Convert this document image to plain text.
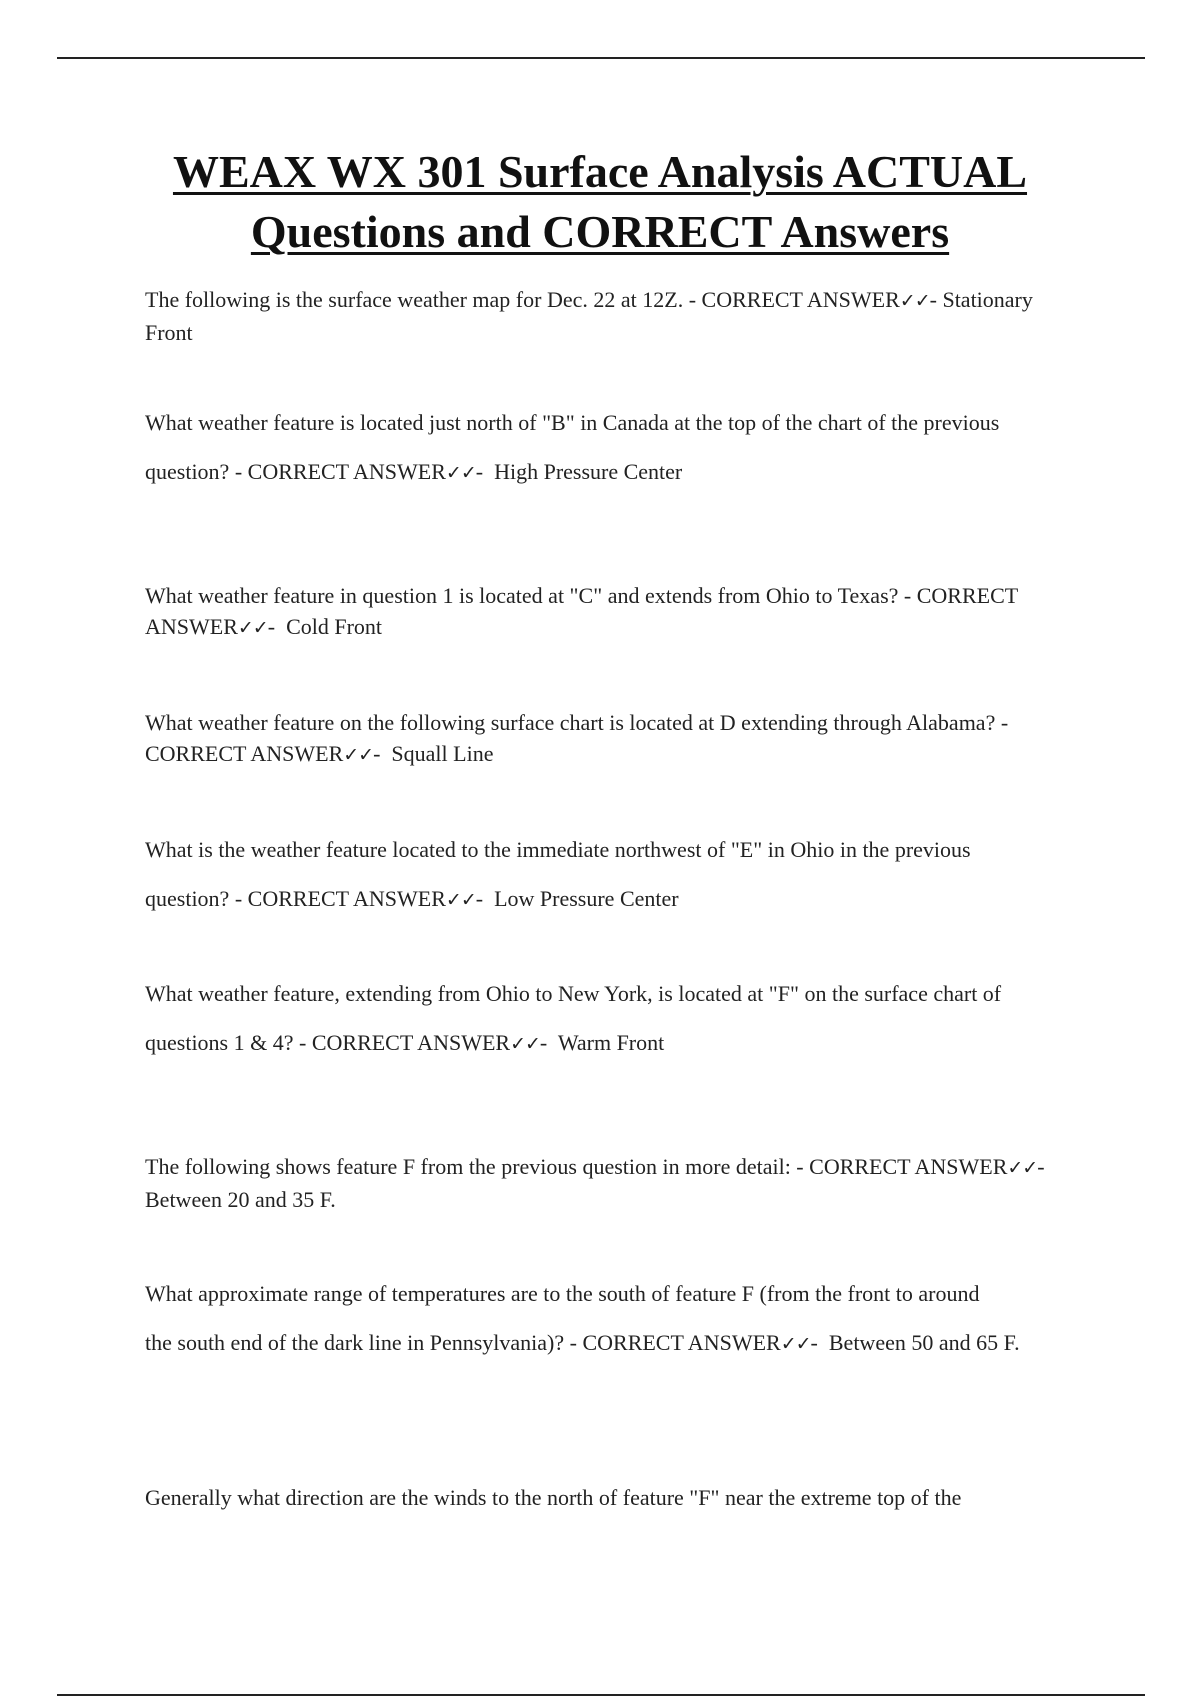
WEAX WX 301 Surface Analysis ACTUAL
Questions and CORRECT Answers

The following is the surface weather map for Dec. 22 at 12Z. - CORRECT ANSWER✓✓- Stationary Front

What weather feature is located just north of "B" in Canada at the top of the chart of the previous

question? - CORRECT ANSWER✓✓-  High Pressure Center

What weather feature in question 1 is located at "C" and extends from Ohio to Texas? - CORRECT ANSWER✓✓-  Cold Front

What weather feature on the following surface chart is located at D extending through Alabama? - CORRECT ANSWER✓✓-  Squall Line

What is the weather feature located to the immediate northwest of "E" in Ohio in the previous

question? - CORRECT ANSWER✓✓-  Low Pressure Center

What weather feature, extending from Ohio to New York, is located at "F" on the surface chart of

questions 1 & 4? - CORRECT ANSWER✓✓-  Warm Front

The following shows feature F from the previous question in more detail: - CORRECT ANSWER✓✓-  Between 20 and 35 F.

What approximate range of temperatures are to the south of feature F (from the front to around

the south end of the dark line in Pennsylvania)? - CORRECT ANSWER✓✓-  Between 50 and 65 F.

Generally what direction are the winds to the north of feature "F" near the extreme top of the
